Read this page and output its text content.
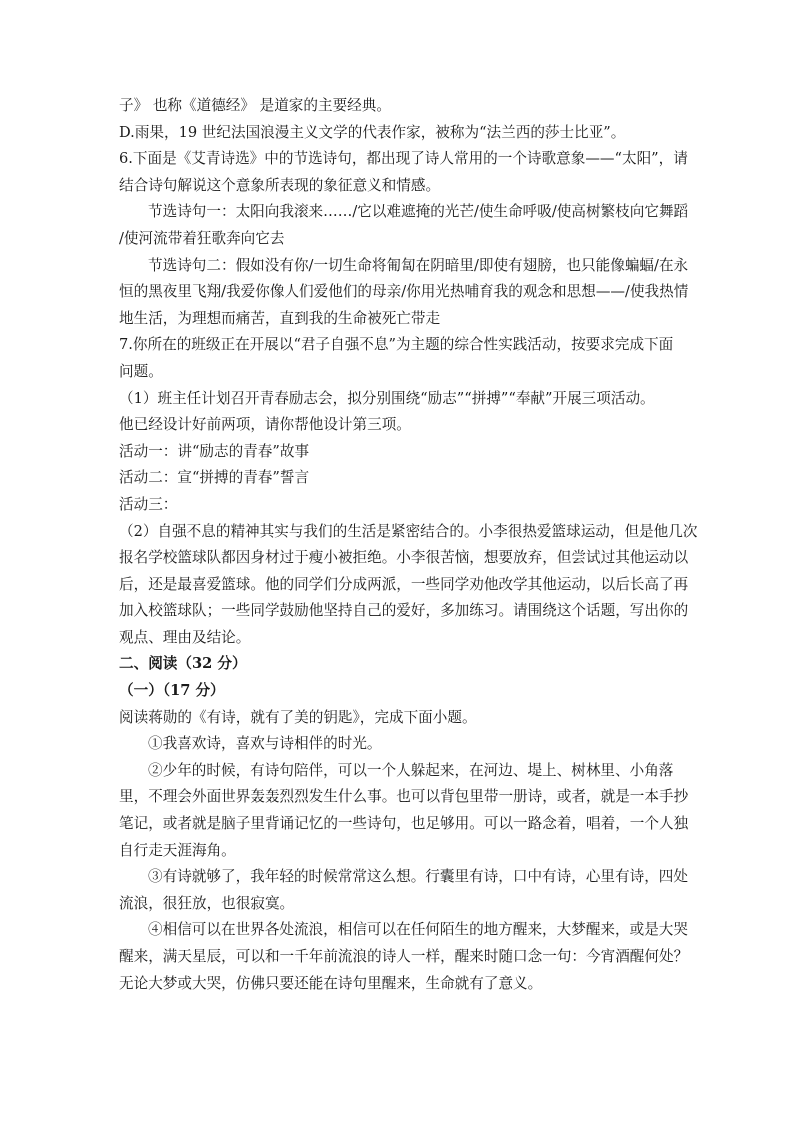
子》 也称《道德经》 是道家的主要经典。
D.雨果，19 世纪法国浪漫主义文学的代表作家，被称为“法兰西的莎士比亚”。
6.下面是《艾青诗选》中的节选诗句，都出现了诗人常用的一个诗歌意象——“太阳”，请
结合诗句解说这个意象所表现的象征意义和情感。
节选诗句一：太阳向我滚来……/它以难遮掩的光芒/使生命呼吸/使高树繁枝向它舞蹈
/使河流带着狂歌奔向它去
节选诗句二：假如没有你/一切生命将匍匐在阴暗里/即使有翅膀，也只能像蝙蝠/在永
恒的黑夜里飞翔/我爱你像人们爱他们的母亲/你用光热哺育我的观念和思想——/使我热情
地生活，为理想而痛苦，直到我的生命被死亡带走
7.你所在的班级正在开展以“君子自强不息”为主题的综合性实践活动，按要求完成下面
问题。
（1）班主任计划召开青春励志会，拟分别围绕“励志”“拼搏”“奉献”开展三项活动。
他已经设计好前两项，请你帮他设计第三项。
活动一：讲“励志的青春”故事
活动二：宣“拼搏的青春”誓言
活动三：
（2）自强不息的精神其实与我们的生活是紧密结合的。小李很热爱篮球运动，但是他几次
报名学校篮球队都因身材过于瘦小被拒绝。小李很苦恼，想要放弃，但尝试过其他运动以
后，还是最喜爱篮球。他的同学们分成两派，一些同学劝他改学其他运动，以后长高了再
加入校篮球队；一些同学鼓励他坚持自己的爱好，多加练习。请围绕这个话题，写出你的
观点、理由及结论。
二、阅读（32 分）
（一）（17 分）
阅读蒋勋的《有诗，就有了美的钥匙》，完成下面小题。
①我喜欢诗，喜欢与诗相伴的时光。
②少年的时候，有诗句陪伴，可以一个人躲起来，在河边、堤上、树林里、小角落
里，不理会外面世界轰轰烈烈发生什么事。也可以背包里带一册诗，或者，就是一本手抄
笔记，或者就是脑子里背诵记忆的一些诗句，也足够用。可以一路念着，唱着，一个人独
自行走天涯海角。
③有诗就够了，我年轻的时候常常这么想。行囊里有诗，口中有诗，心里有诗，四处
流浪，很狂放，也很寂寞。
④相信可以在世界各处流浪，相信可以在任何陌生的地方醒来，大梦醒来，或是大哭
醒来，满天星辰，可以和一千年前流浪的诗人一样，醒来时随口念一句：今宵酒醒何处？
无论大梦或大哭，仿佛只要还能在诗句里醒来，生命就有了意义。
